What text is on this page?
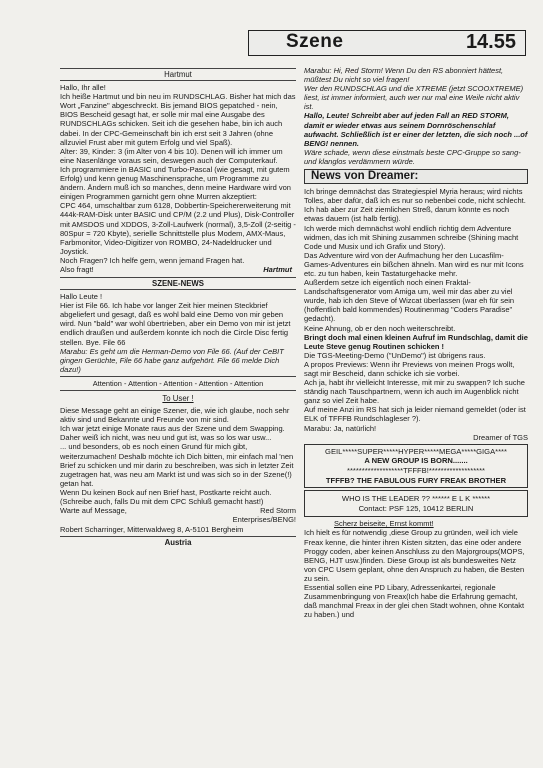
Szene	14.55
Hartmut

Hallo, Ihr alle!

Ich heiße Hartmut und bin neu im RUNDSCHLAG. Bisher hat mich das Wort „Fanzine" abgeschreckt. Bis jemand BIOS gepatched - nein, BIOS Bescheid gesagt hat, er solle mir mal eine Ausgabe des RUNDSCHLAGs schicken. Seit ich die gesehen habe, bin ich auch dabei. In der CPC-Gemeinschaft bin ich erst seit 3 Jahren (ohne allzuviel Frust aber mit gutem Erfolg und viel Spaß).

Alter: 39, Kinder: 3 (im Alter von 4 bis 10). Denen will ich immer um eine Nasenlänge voraus sein, deswegen auch der Computerkauf.

Ich programmiere in BASIC und Turbo-Pascal (wie gesagt, mit gutem Erfolg) und kenn genug Maschinensprache, um Programme zu ändern. Ändern muß ich so manches, denn meine Hardware wird von einigen Programmen garnicht gern ohne Murren akzeptiert:

CPC 464, umschaltbar zum 6128, Dobbertin-Speichererweiterung mit 444k-RAM-Disk unter BASIC und CP/M (2.2 und Plus), Disk-Controller mit AMSDOS und XDDOS, 3-Zoll-Laufwerk (normal), 3,5-Zoll (2-seitig - 80Spur = 720 Kbyte), serielle Schnittstelle plus Modem, AMX-Maus, Farbmonitor, Video-Digitizer von ROMBO, 24-Nadeldrucker und Joystick.

Noch Fragen? Ich helfe gern, wenn jemand Fragen hat.

Also fragt!	Hartmut
SZENE-NEWS

Hallo Leute !

Hier ist File 66. Ich habe vor langer Zeit hier meinen Steckbrief abgeliefert und gesagt, daß es wohl bald eine Demo von mir geben wird. Nun "bald" war wohl übertrieben, aber ein Demo von mir ist jetzt endlich draußen und außerdem konnte ich noch die Circle Disc fertig stellen. Bye. File 66

Marabu: Es geht um die Herman-Demo von File 66. (Auf der CeBIT gingen Gerüchte, File 66 habe ganz aufgehört. File 66 melde Dich dazu!)

Attention - Attention - Attention - Attention - Attention
To User !

Diese Message geht an einige Szener, die, wie ich glaube, noch sehr aktiv sind und Bekannte und Freunde von mir sind.

Ich war jetzt einige Monate raus aus der Szene und dem Swapping. Daher weiß ich nicht, was neu und gut ist, was so los war usw...

... und besonders, ob es noch einen Grund für mich gibt, weiterzumachen! Deshalb möchte ich Dich bitten, mir einfach mal 'nen Brief zu schicken und mir darin zu beschreiben, was sich in letzter Zeit zugetragen hat, was neu am Markt ist und was sich so in der Szene(!) getan hat.

Wenn Du keinen Bock auf nen Brief hast, Postkarte reicht auch. (Schreibe auch, falls Du mit dem CPC Schluß gemacht hast!)

Warte auf Message,	Red Storm Enterprises/BENG!

Robert Scharringer, Mitterwaldweg 8, A-5101 Bergheim

Austria

Marabu: Hi, Red Storm! Wenn Du den RS abonniert hättest, müßtest Du nicht so viel fragen!

Wer den RUNDSCHLAG und die XTREME (jetzt SCOOXTREME) liest, ist immer informiert, auch wer nur mal eine Weile nicht aktiv ist.

Hallo, Leute! Schreibt aber auf jeden Fall an RED STORM, damit er wieder etwas aus seinem Dornröschenschlaf aufwacht. Schließlich ist er einer der letzten, die sich noch ...of BENG! nennen.

Wäre schade, wenn diese einstmals beste CPC-Gruppe so sang-und klanglos verdämmern würde.

News von Dreamer:

Ich bringe demnächst das Strategiespiel Myria heraus; wird nichts Tolles, aber dafür, daß ich es nur so nebenbei code, nicht schlecht. Ich hab aber zur Zeit ziemlichen Streß, darum könnte es noch etwas dauern (ist halb fertig).

Ich werde mich demnächst wohl endlich richtig dem Adventure widmen, das ich mit Shining zusammen schreibe (Shining macht Code und Musix und ich Grafix und Story).

Das Adventure wird von der Aufmachung her den Lucasfilm-Games-Adventures ein bißchen ähneln. Man wird es nur mit Icons etc. zu tun haben, kein Tastaturgehacke mehr.

Außerdem setze ich eigentlich noch einen Fraktal-Landschaftsgenerator vom Amiga um, weil mir das aber zu viel wurde, hab ich den Steve of Wizcat überlassen (war eh für sein (hoffentlich bald kommendes) Routinenmag "Coders Paradise" gedacht).

Keine Ahnung, ob er den noch weiterschreibt.

Bringt doch mal einen kleinen Aufruf im Rundschlag, damit die Leute Steve genug Routinen schicken !

Die TGS-Meeting-Demo ("UnDemo") ist übrigens raus.

A propos Previews: Wenn ihr Previews von meinen Progs wollt, sagt mir Bescheid, dann schicke ich sie vorbei.

Ach ja, habt ihr vielleicht Interesse, mit mir zu swappen? Ich suche ständig nach Tauschpartnern, wenn ich auch im Augenblick nicht ganz so viel Zeit habe.

Auf meine Anzi im RS hat sich ja leider niemand gemeldet (oder ist ELK of TFFFB Rundschlagleser ?).

Marabu: Ja, natürlich!

Dreamer of TGS
GEIL*****SUPER*****HYPER*****MEGA*****GIGA****
A NEW GROUP IS BORN.......
*******************TFFFB!*******************
TFFFB? THE FABULOUS FURY FREAK BROTHER
WHO IS THE LEADER ?? ****** E L K ******
Contact: PSF 125, 10412 BERLIN

Scherz beiseite, Ernst kommt!

Ich hielt es für notwendig ,diese Group zu gründen, weil ich viele Freax kenne, die hinter ihren Kisten sitzten, das eine oder andere Proggy coden, aber keinen Anschluss zu den Majorgroups(MOPS, BENG, HJT usw.)finden. Diese Group ist als bundesweites Netz von CPC Usern geplant, ohne den Anspruch zu haben, die Besten zu sein.

Essential sollen eine PD Libary, Adressenkartei, regionale Zusammenbringung von Freax(Ich habe die Erfahrung gemacht, daß manchmal Freax in der glei chen Stadt wohnen, ohne Kontakt zu haben.) und
